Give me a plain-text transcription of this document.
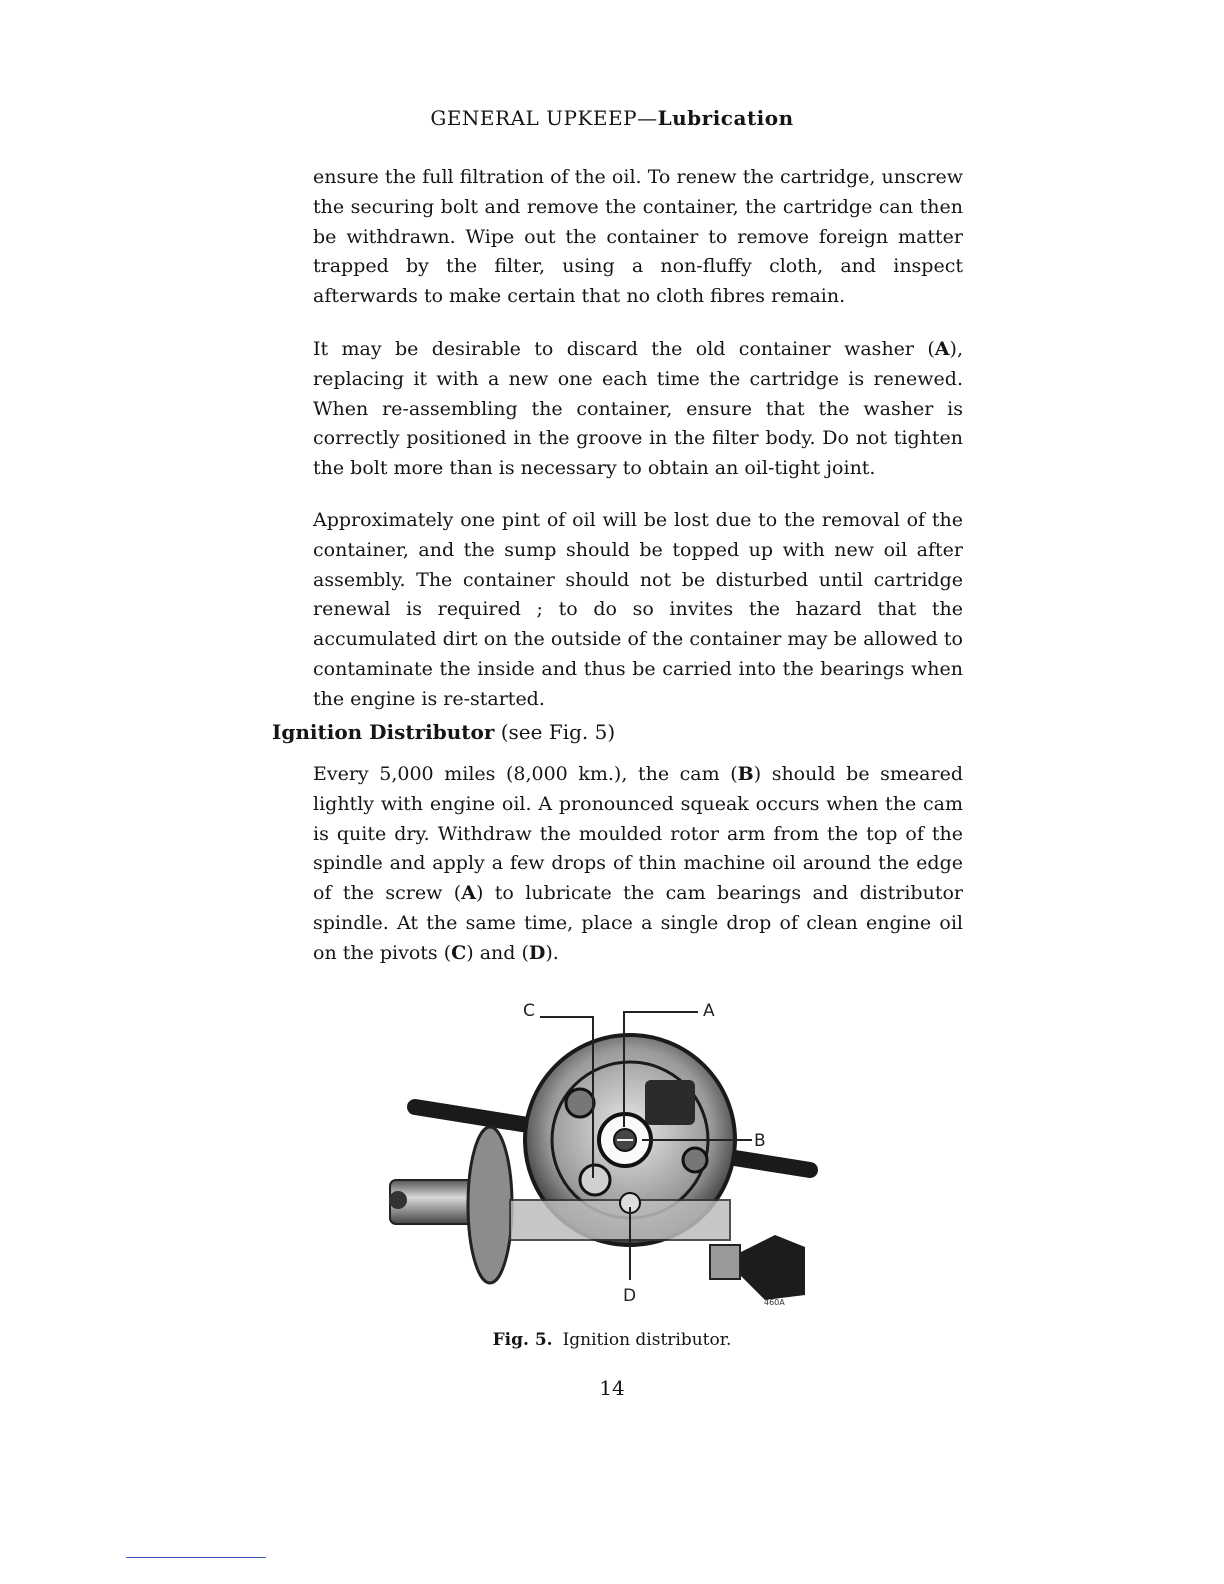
GENERAL UPKEEP—Lubrication

ensure the full filtration of the oil. To renew the cartridge, unscrew the securing bolt and remove the container, the cartridge can then be withdrawn. Wipe out the container to remove foreign matter trapped by the filter, using a non-fluffy cloth, and inspect afterwards to make certain that no cloth fibres remain.

It may be desirable to discard the old container washer (A), replacing it with a new one each time the cartridge is renewed. When re-assembling the container, ensure that the washer is correctly positioned in the groove in the filter body. Do not tighten the bolt more than is necessary to obtain an oil-tight joint.

Approximately one pint of oil will be lost due to the removal of the container, and the sump should be topped up with new oil after assembly. The container should not be disturbed until cartridge renewal is required ; to do so invites the hazard that the accumulated dirt on the outside of the container may be allowed to contaminate the inside and thus be carried into the bearings when the engine is re-started.

Ignition Distributor (see Fig. 5)

Every 5,000 miles (8,000 km.), the cam (B) should be smeared lightly with engine oil. A pronounced squeak occurs when the cam is quite dry. Withdraw the moulded rotor arm from the top of the spindle and apply a few drops of thin machine oil around the edge of the screw (A) to lubricate the cam bearings and distributor spindle. At the same time, place a single drop of clean engine oil on the pivots (C) and (D).

C	A
B
D	460A
Fig. 5. Ignition distributor.
14
